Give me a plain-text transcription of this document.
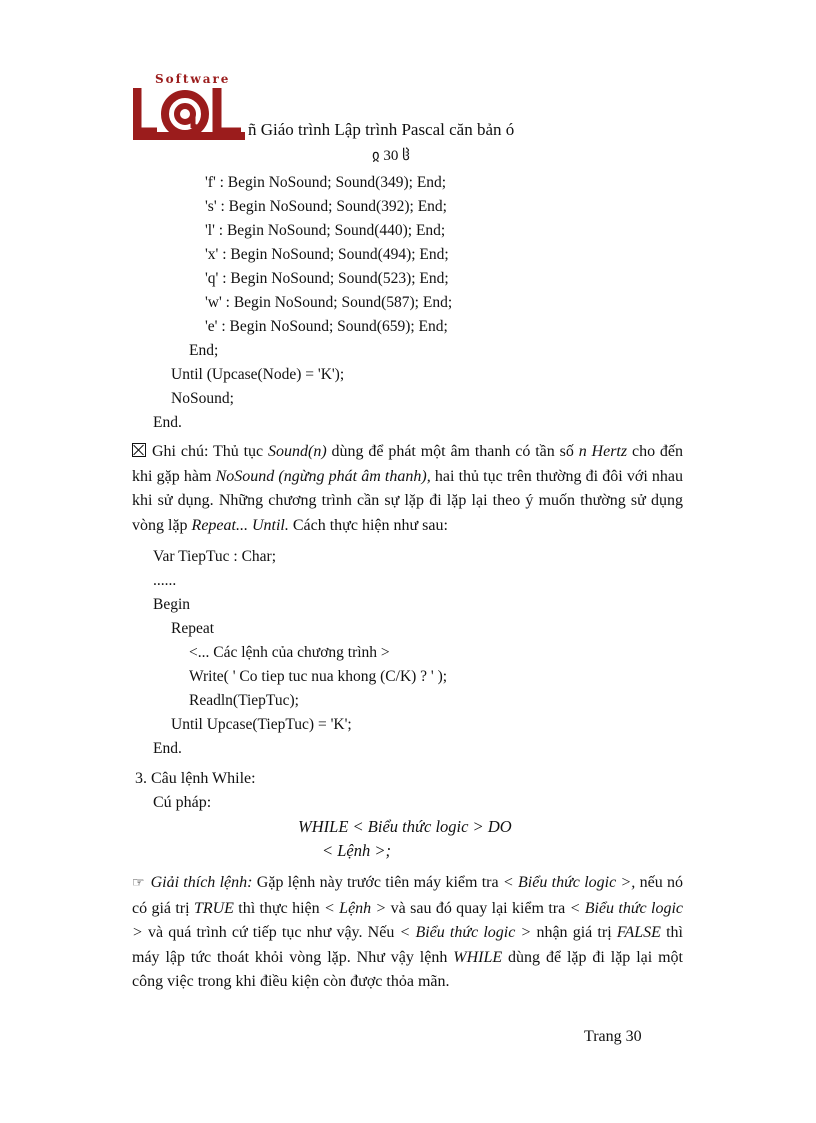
Software
ñ Giáo trình Lập trình Pascal căn bản ó
ჲ 30 ჱ
'f' : Begin NoSound; Sound(349); End;
's' : Begin NoSound; Sound(392); End;
'l' : Begin NoSound; Sound(440); End;
'x' : Begin NoSound; Sound(494); End;
'q' : Begin NoSound; Sound(523); End;
'w' : Begin NoSound; Sound(587); End;
'e' : Begin NoSound; Sound(659); End;
End;
Until (Upcase(Node) = 'K');
NoSound;
End.
Ghi chú: Thủ tục Sound(n) dùng để phát một âm thanh có tần số n Hertz cho đến khi gặp hàm NoSound (ngừng phát âm thanh), hai thủ tục trên thường đi đôi với nhau khi sử dụng. Những chương trình cần sự lặp đi lặp lại theo ý muốn thường sử dụng vòng lặp Repeat... Until. Cách thực hiện như sau:
Var TiepTuc : Char;
......
Begin
Repeat
<... Các lệnh của chương trình >
Write( ' Co tiep tuc nua khong (C/K) ? ' );
Readln(TiepTuc);
Until Upcase(TiepTuc) = 'K';
End.
3. Câu lệnh While:
Cú pháp:
WHILE < Biểu thức logic > DO
< Lệnh >;
☞ Giải thích lệnh: Gặp lệnh này trước tiên máy kiểm tra < Biểu thức logic >, nếu nó có giá trị TRUE thì thực hiện < Lệnh > và sau đó quay lại kiểm tra < Biểu thức logic > và quá trình cứ tiếp tục như vậy. Nếu < Biểu thức logic > nhận giá trị FALSE thì máy lập tức thoát khỏi vòng lặp. Như vậy lệnh WHILE dùng để lặp đi lặp lại một công việc trong khi điều kiện còn được thỏa mãn.
Trang 30
